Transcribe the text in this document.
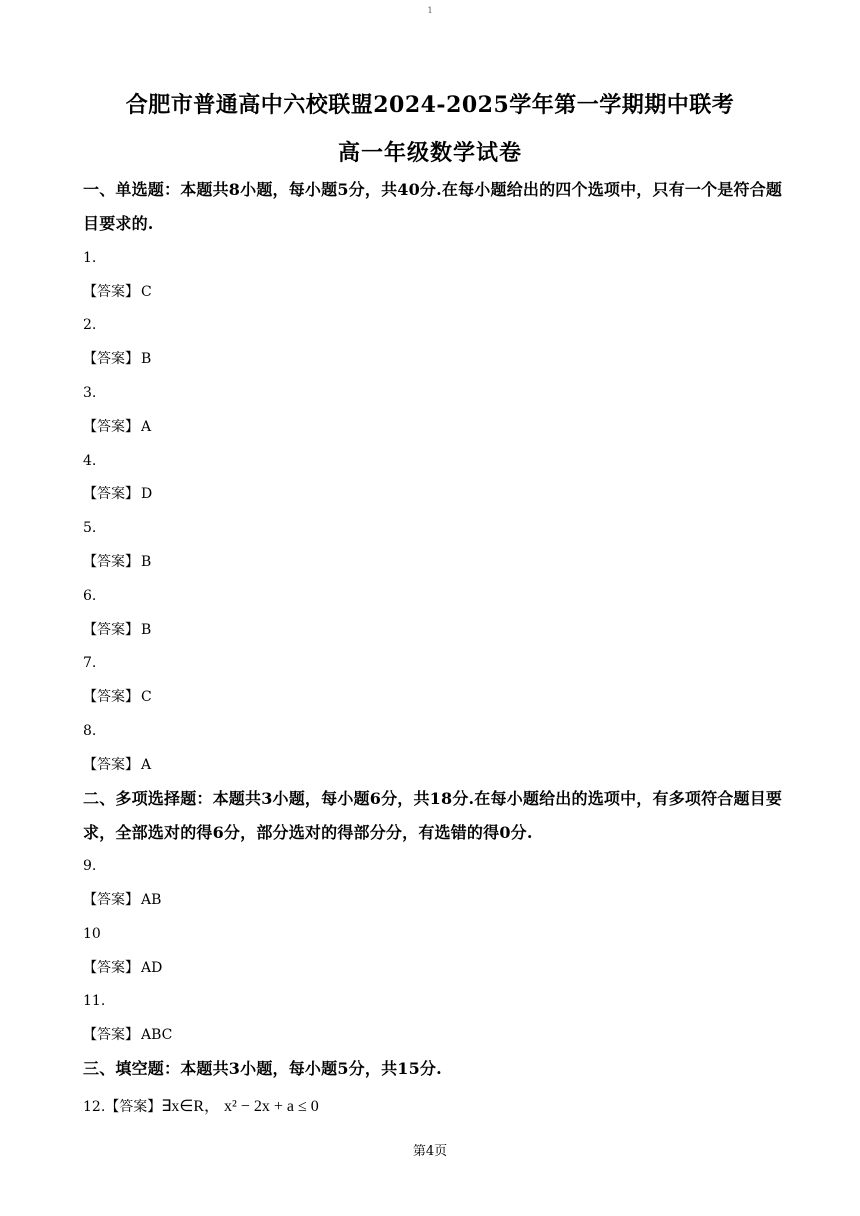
1
合肥市普通高中六校联盟2024-2025学年第一学期期中联考
高一年级数学试卷
一、单选题：本题共8小题，每小题5分，共40分.在每小题给出的四个选项中，只有一个是符合题目要求的.
1.
【答案】 C
2.
【答案】 B
3.
【答案】 A
4.
【答案】 D
5.
【答案】 B
6.
【答案】 B
7.
【答案】 C
8.
【答案】 A
二、多项选择题：本题共3小题，每小题6分，共18分.在每小题给出的选项中，有多项符合题目要求，全部选对的得6分，部分选对的得部分分，有选错的得0分.
9.
【答案】 AB
10
【答案】 AD
11.
【答案】 ABC
三、填空题：本题共3小题，每小题5分，共15分.
12.【答案】∃x∈R， x² − 2x + a ≤ 0
第4页
